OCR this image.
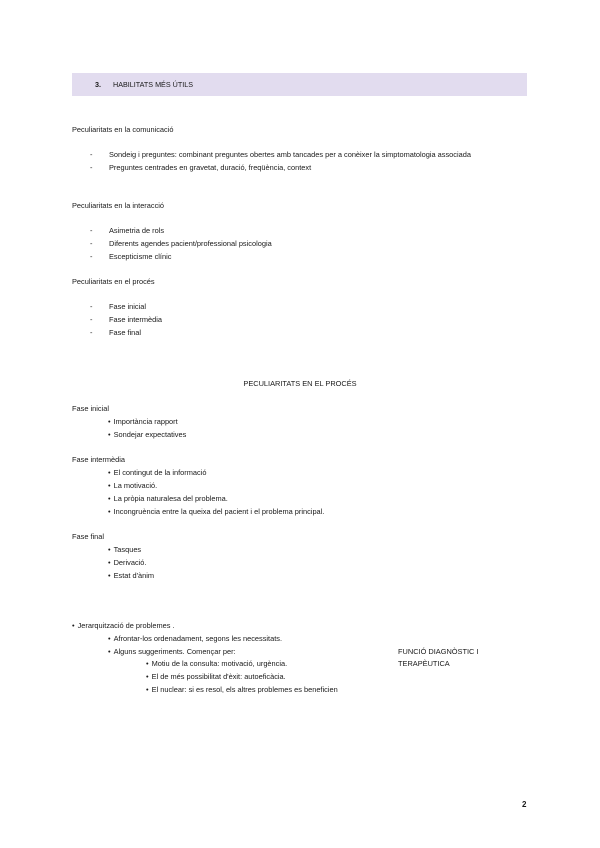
3. HABILITATS MÉS ÚTILS
Peculiaritats en la comunicació
- Sondeig i preguntes: combinant preguntes obertes amb tancades per a conèixer la simptomatologia associada
- Preguntes centrades en gravetat, duració, freqüència, context
Peculiaritats en la interacció
- Asimetria de rols
- Diferents agendes pacient/professional psicologia
- Escepticisme clínic
Peculiaritats en el procés
- Fase inicial
- Fase intermèdia
- Fase final
PECULIARITATS EN EL PROCÉS
Fase inicial
• Importància rapport
• Sondejar expectatives
Fase intermèdia
• El contingut de la informació
• La motivació.
• La pròpia naturalesa del problema.
• Incongruència entre la queixa del pacient i el problema principal.
Fase final
• Tasques
• Derivació.
• Estat d'ànim
• Jerarquització de problemes .
• Afrontar-los ordenadament, segons les necessitats.
• Alguns suggeriments. Començar per:
• Motiu de la consulta: motivació, urgència.
• El de més possibilitat d'èxit: autoeficàcia.
• El nuclear: si es resol, els altres problemes es beneficien
FUNCIÓ DIAGNÒSTIC I
TERAPÈUTICA
2
